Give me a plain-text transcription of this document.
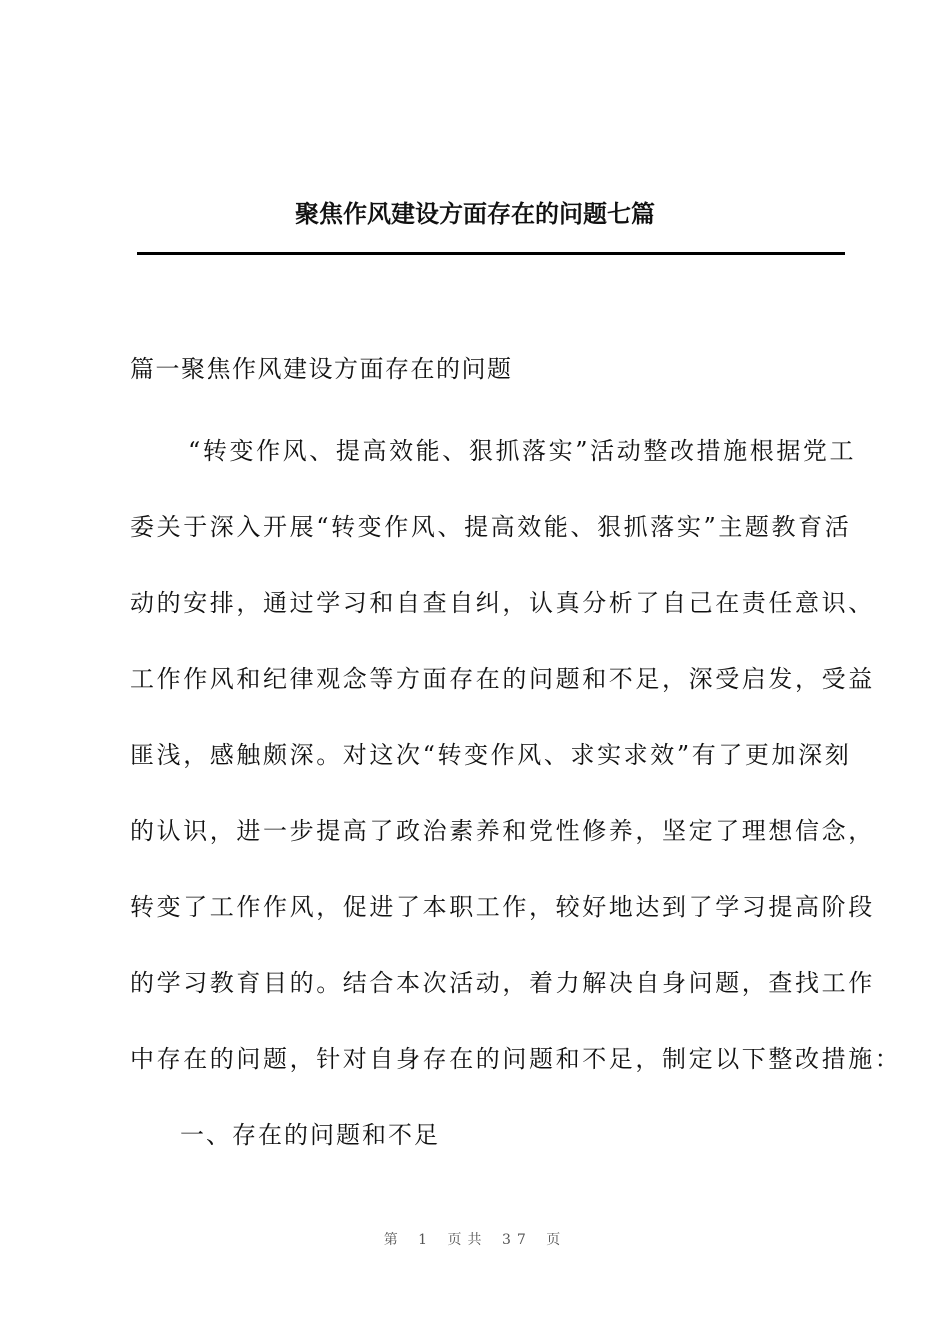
聚焦作风建设方面存在的问题七篇

篇一聚焦作风建设方面存在的问题

“转变作风、提高效能、狠抓落实”活动整改措施根据党工

委关于深入开展“转变作风、提高效能、狠抓落实”主题教育活

动的安排，通过学习和自查自纠，认真分析了自己在责任意识、

工作作风和纪律观念等方面存在的问题和不足，深受启发，受益

匪浅，感触颇深。对这次“转变作风、求实求效”有了更加深刻

的认识，进一步提高了政治素养和党性修养，坚定了理想信念，

转变了工作作风，促进了本职工作，较好地达到了学习提高阶段

的学习教育目的。结合本次活动，着力解决自身问题，查找工作

中存在的问题，针对自身存在的问题和不足，制定以下整改措施：

一、存在的问题和不足

第 1 页共 37 页
